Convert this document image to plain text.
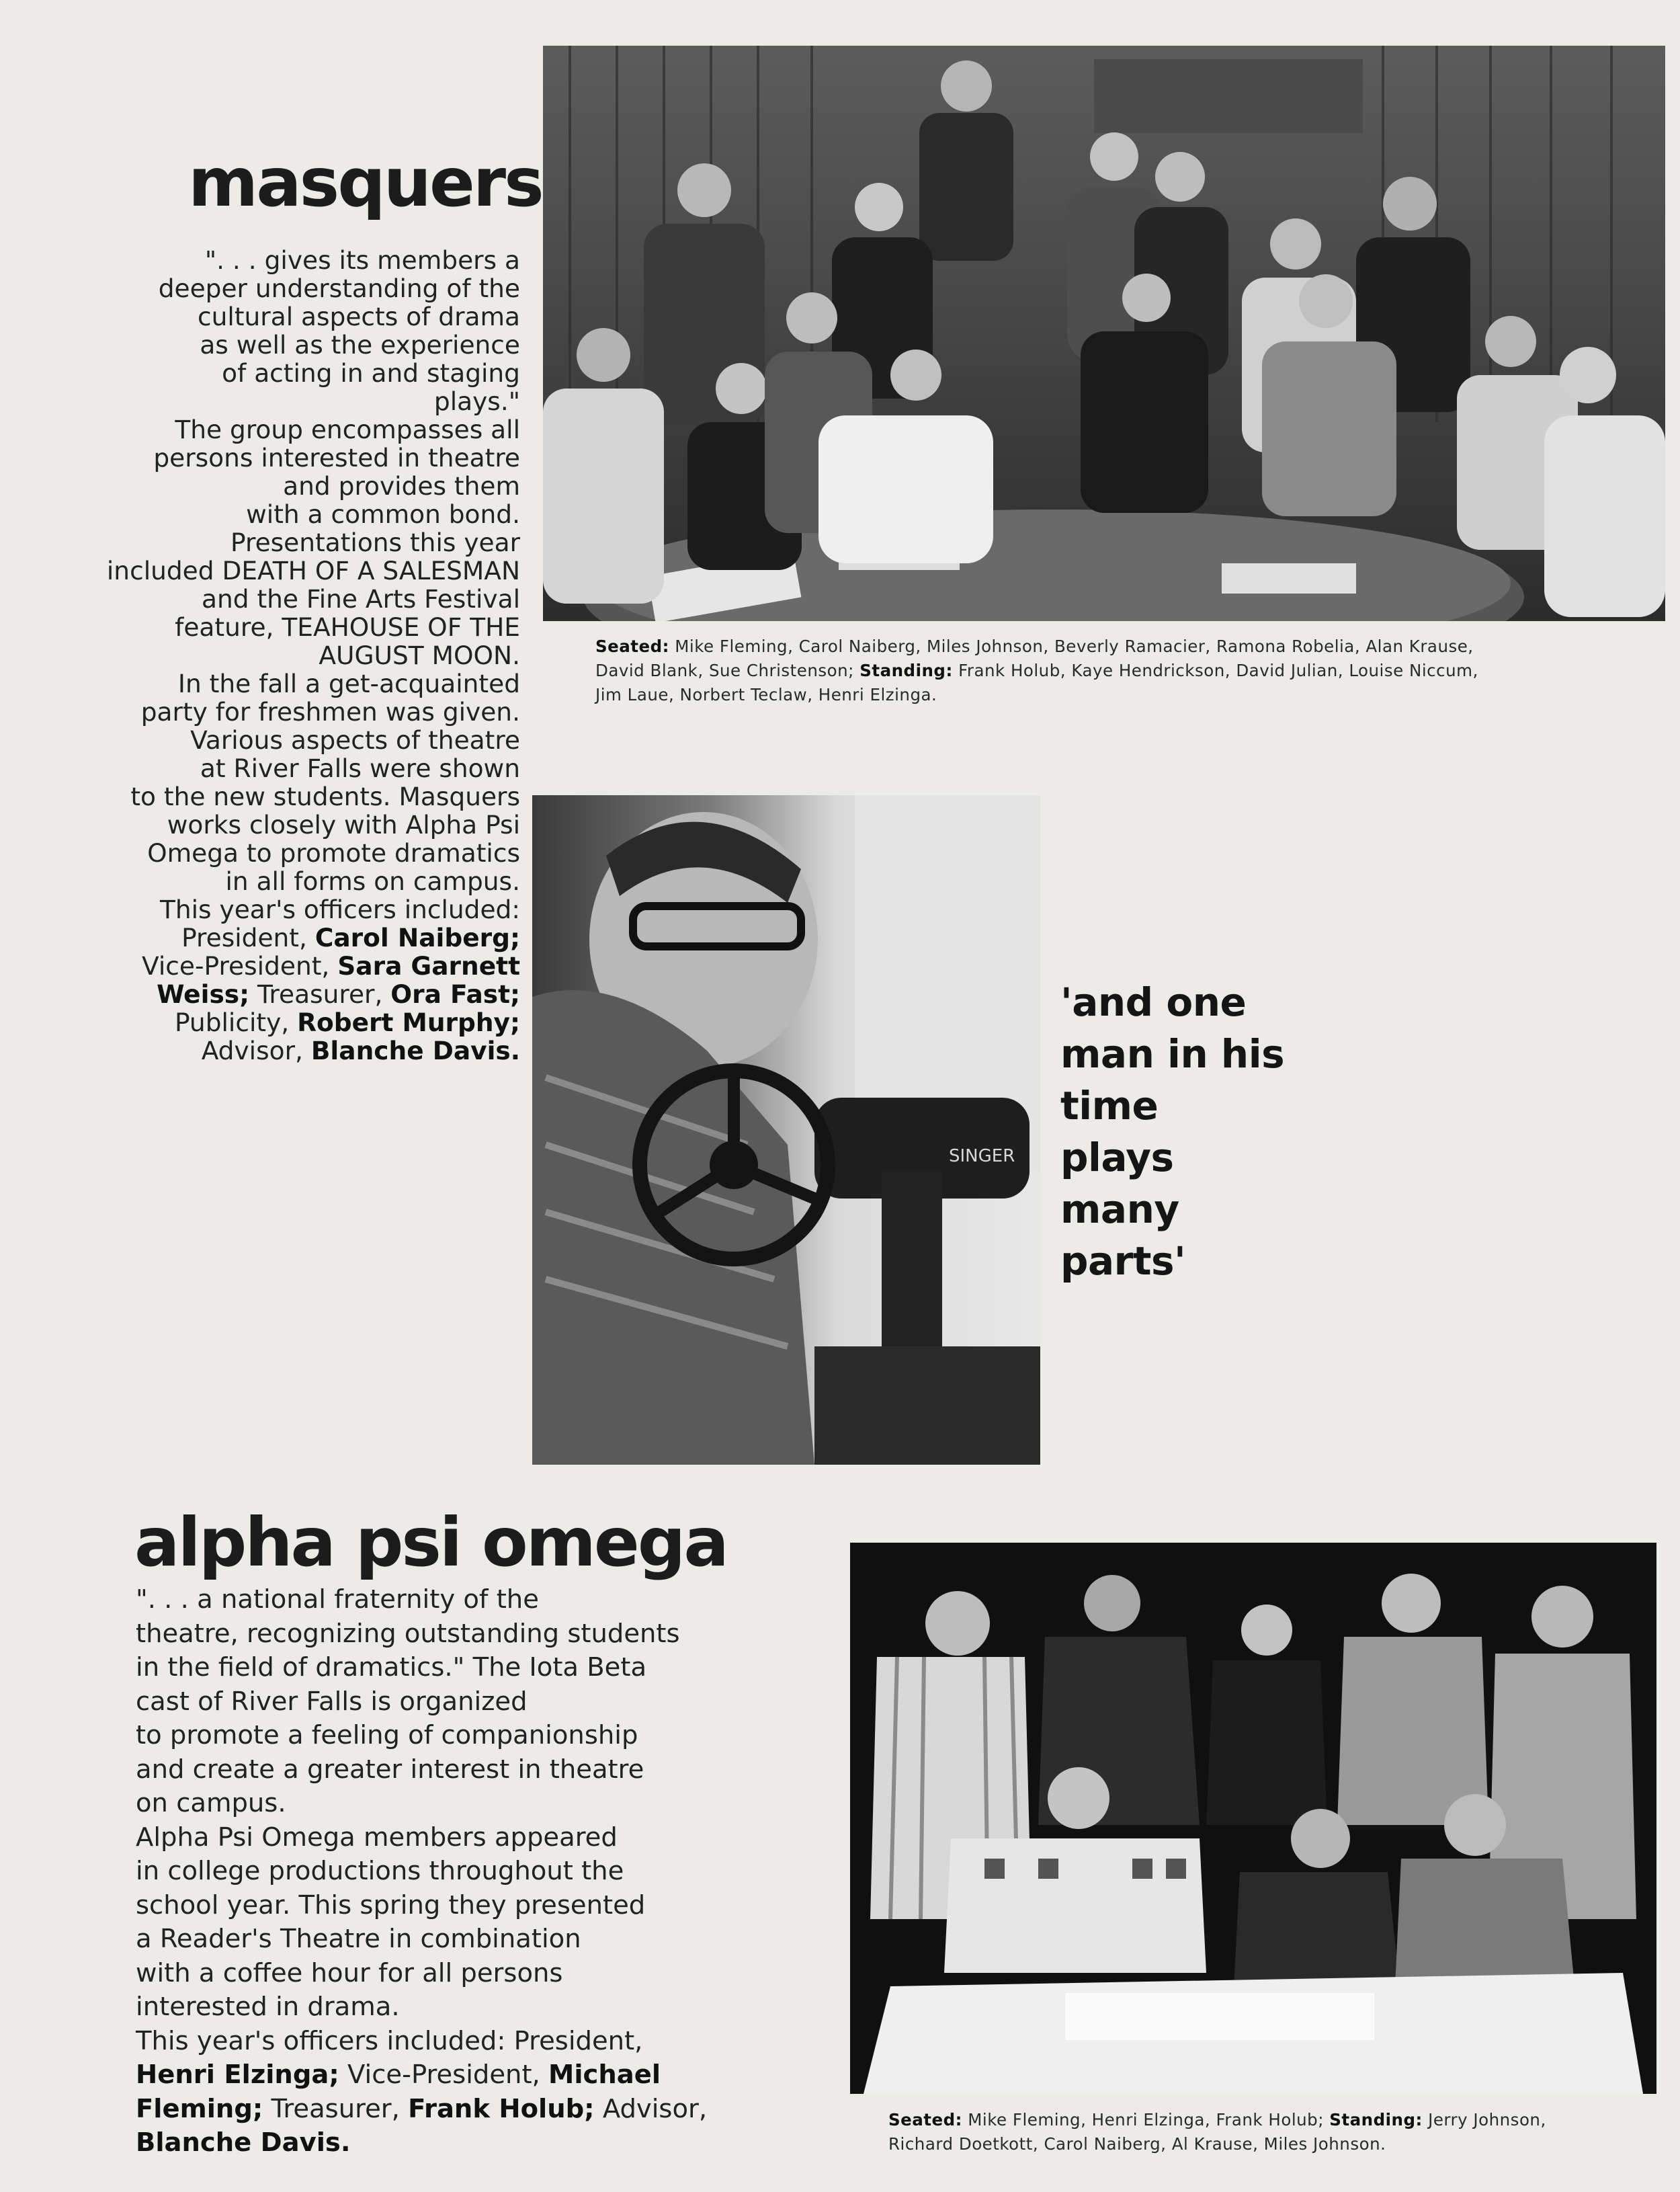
masquers

". . . gives its members a

deeper understanding of the

cultural aspects of drama

as well as the experience

of acting in and staging

plays."

The group encompasses all

persons interested in theatre

and provides them

with a common bond.

Presentations this year

included DEATH OF A SALESMAN

and the Fine Arts Festival

feature, TEAHOUSE OF THE

AUGUST MOON.

In the fall a get-acquainted

party for freshmen was given.

Various aspects of theatre

at River Falls were shown

to the new students. Masquers

works closely with Alpha Psi

Omega to promote dramatics

in all forms on campus.

This year's officers included:

President, Carol Naiberg;

Vice-President, Sara Garnett

Weiss; Treasurer, Ora Fast;

Publicity, Robert Murphy;

Advisor, Blanche Davis.

Seated: Mike Fleming, Carol Naiberg, Miles Johnson, Beverly Ramacier, Ramona Robelia, Alan Krause,
David Blank, Sue Christenson; Standing: Frank Holub, Kaye Hendrickson, David Julian, Louise Niccum,
Jim Laue, Norbert Teclaw, Henri Elzinga.
SINGER
'and one
man in his
time
plays
many
parts'
alpha psi omega

". . . a national fraternity of the

theatre, recognizing outstanding students

in the field of dramatics." The Iota Beta

cast of River Falls is organized

to promote a feeling of companionship

and create a greater interest in theatre

on campus.

Alpha Psi Omega members appeared

in college productions throughout the

school year. This spring they presented

a Reader's Theatre in combination

with a coffee hour for all persons

interested in drama.

This year's officers included: President,

Henri Elzinga; Vice-President, Michael

Fleming; Treasurer, Frank Holub; Advisor,

Blanche Davis.

Seated: Mike Fleming, Henri Elzinga, Frank Holub; Standing: Jerry Johnson,
Richard Doetkott, Carol Naiberg, Al Krause, Miles Johnson.
